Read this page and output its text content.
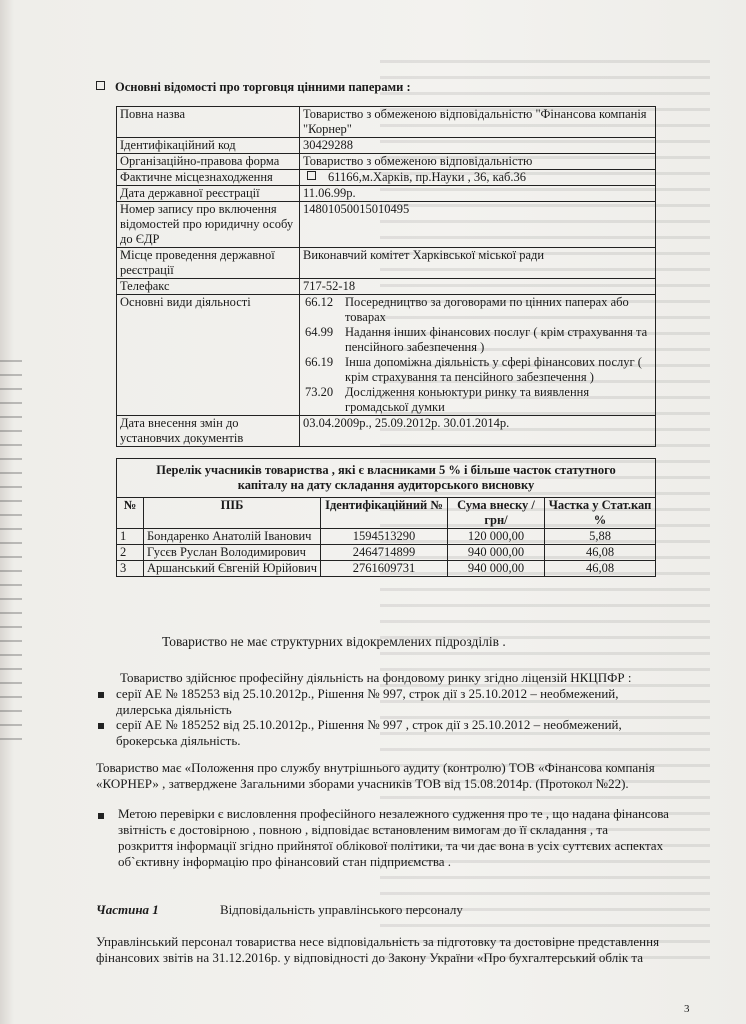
Основні відомості про торговця цінними паперами :
Повна назва	Товариство з обмеженою відповідальністю "Фінансова компанія "Корнер"
Ідентифікаційний код	30429288
Організаційно-правова форма	Товариство з обмеженою відповідальністю
Фактичне місцезнаходження	61166,м.Харків, пр.Науки , 36, каб.36
Дата державної реєстрації	11.06.99р.
Номер запису про включення відомостей про юридичну особу до ЄДР	14801050015010495
Місце проведення державної реєстрації	Виконавчий комітет Харківської міської ради
Телефакс	717-52-18
Основні види діяльності		66.12	Посередництво за договорами по цінних паперах або товарах
64.99	Надання інших фінансових послуг ( крім страхування та пенсійного забезпечення )
66.19	Інша допоміжна діяльність у сфері фінансових послуг ( крім страхування та пенсійного забезпечення )
73.20	Дослідження коньюктури ринку та виявлення громадської думки

Дата внесення змін до установчих документів	03.04.2009р., 25.09.2012р. 30.01.2014р.
Перелік учасників товариства , які є власниками 5 % і більше часток статутного капіталу на дату складання аудиторського висновку				
№	ПІБ	Ідентифікаційний №	Сума внеску /грн/	Частка у Стат.кап %
1	Бондаренко Анатолій Іванович	1594513290	120 000,00	5,88
2	Гусєв Руслан Володимирович	2464714899	940 000,00	46,08
3	Аршанський Євгеній Юрійович	2761609731	940 000,00	46,08
Товариство не має структурних відокремлених підрозділів .
Товариство здійснює професійну діяльність на фондовому ринку згідно ліцензій НКЦПФР :
серії АЕ № 185253 від 25.10.2012р., Рішення № 997, строк дії з 25.10.2012 – необмежений,
дилерська діяльність
серії АЕ № 185252 від 25.10.2012р., Рішення № 997 , строк дії з 25.10.2012 – необмежений,
брокерська діяльність.
Товариство має «Положення про службу внутрішнього аудиту (контролю) ТОВ «Фінансова компанія
«КОРНЕР» , затверджене Загальними зборами учасників ТОВ від 15.08.2014р. (Протокол №22).
Метою перевірки є висловлення професійного незалежного судження про те , що надана фінансова
звітність є достовірною , повною , відповідає встановленим вимогам до її складання , та
розкриття інформації згідно прийнятої облікової політики, та чи дає вона в усіх суттєвих аспектах
об`єктивну інформацію про фінансовий стан підприємства .
Частина 1	Відповідальність управлінського персоналу
Управлінський персонал товариства несе відповідальність за підготовку та достовірне представлення
фінансових звітів на 31.12.2016р. у відповідності до Закону України «Про бухгалтерський облік та
3
